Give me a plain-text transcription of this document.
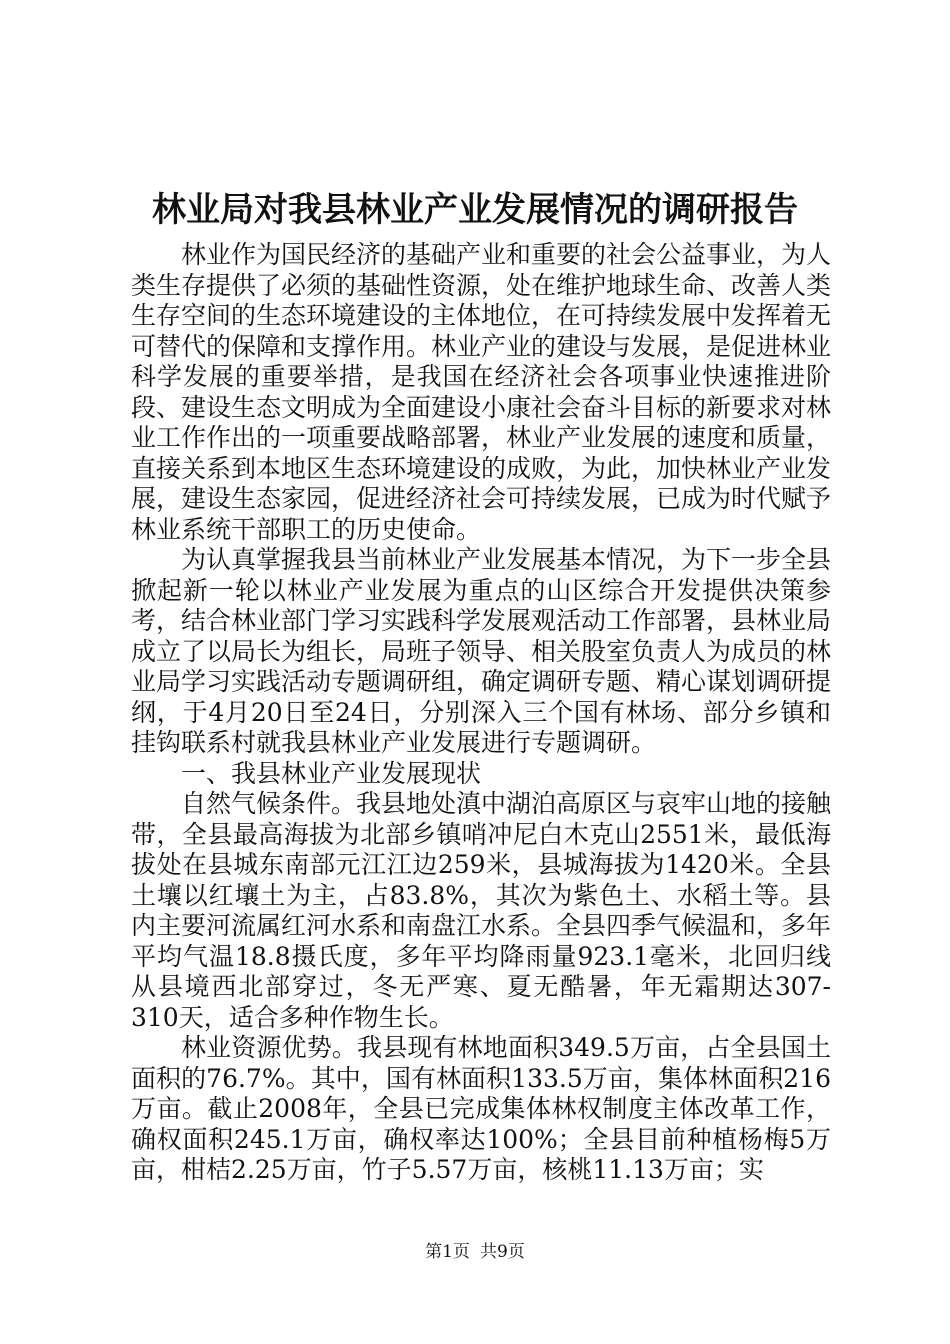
林业局对我县林业产业发展情况的调研报告

林业作为国民经济的基础产业和重要的社会公益事业，为人类生存提供了必须的基础性资源，处在维护地球生命、改善人类生存空间的生态环境建设的主体地位，在可持续发展中发挥着无可替代的保障和支撑作用。林业产业的建设与发展，是促进林业科学发展的重要举措，是我国在经济社会各项事业快速推进阶段、建设生态文明成为全面建设小康社会奋斗目标的新要求对林业工作作出的一项重要战略部署，林业产业发展的速度和质量，直接关系到本地区生态环境建设的成败，为此，加快林业产业发展，建设生态家园，促进经济社会可持续发展，已成为时代赋予林业系统干部职工的历史使命。

为认真掌握我县当前林业产业发展基本情况，为下一步全县掀起新一轮以林业产业发展为重点的山区综合开发提供决策参考，结合林业部门学习实践科学发展观活动工作部署，县林业局成立了以局长为组长，局班子领导、相关股室负责人为成员的林业局学习实践活动专题调研组，确定调研专题、精心谋划调研提纲，于4月20日至24日，分别深入三个国有林场、部分乡镇和挂钩联系村就我县林业产业发展进行专题调研。

一、我县林业产业发展现状

自然气候条件。我县地处滇中湖泊高原区与哀牢山地的接触带，全县最高海拔为北部乡镇哨冲尼白木克山2551米，最低海拔处在县城东南部元江江边259米，县城海拔为1420米。全县土壤以红壤土为主，占83.8%，其次为紫色土、水稻土等。县内主要河流属红河水系和南盘江水系。全县四季气候温和，多年平均气温18.8摄氏度，多年平均降雨量923.1毫米，北回归线从县境西北部穿过，冬无严寒、夏无酷暑，年无霜期达307-310天，适合多种作物生长。

林业资源优势。我县现有林地面积349.5万亩，占全县国土面积的76.7%。其中，国有林面积133.5万亩，集体林面积216万亩。截止2008年，全县已完成集体林权制度主体改革工作，确权面积245.1万亩，确权率达100%；全县目前种植杨梅5万亩，柑桔2.25万亩，竹子5.57万亩，核桃11.13万亩；实

第1页 共9页
